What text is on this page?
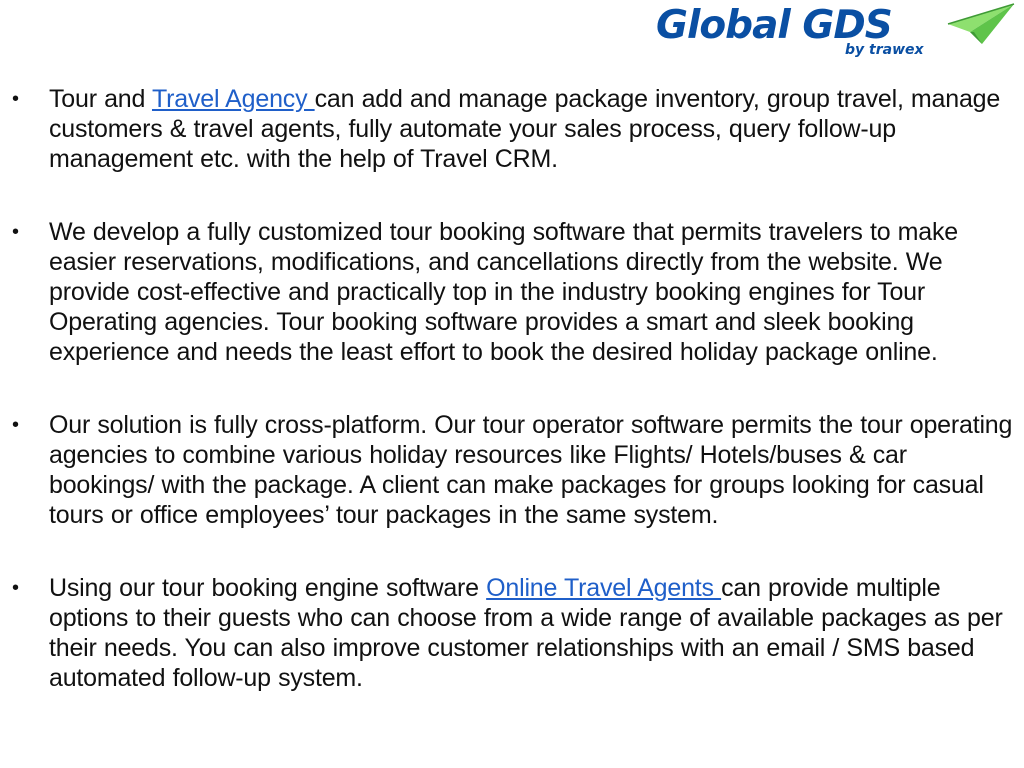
Global GDS
by trawex
•	Tour and Travel Agency can add and manage package inventory, group travel, manage customers & travel agents, fully automate your sales process, query follow-up management etc. with the help of Travel CRM.
•	We develop a fully customized tour booking software that permits travelers to make easier reservations, modifications, and cancellations directly from the website. We provide cost-effective and practically top in the industry booking engines for Tour Operating agencies. Tour booking software provides a smart and sleek booking experience and needs the least effort to book the desired holiday package online.
•	Our solution is fully cross-platform. Our tour operator software permits the tour operating agencies to combine various holiday resources like Flights/ Hotels/buses & car bookings/ with the package. A client can make packages for groups looking for casual tours or office employees’ tour packages in the same system.
•	Using our tour booking engine software Online Travel Agents can provide multiple options to their guests who can choose from a wide range of available packages as per their needs. You can also improve customer relationships with an email / SMS based automated follow-up system.
